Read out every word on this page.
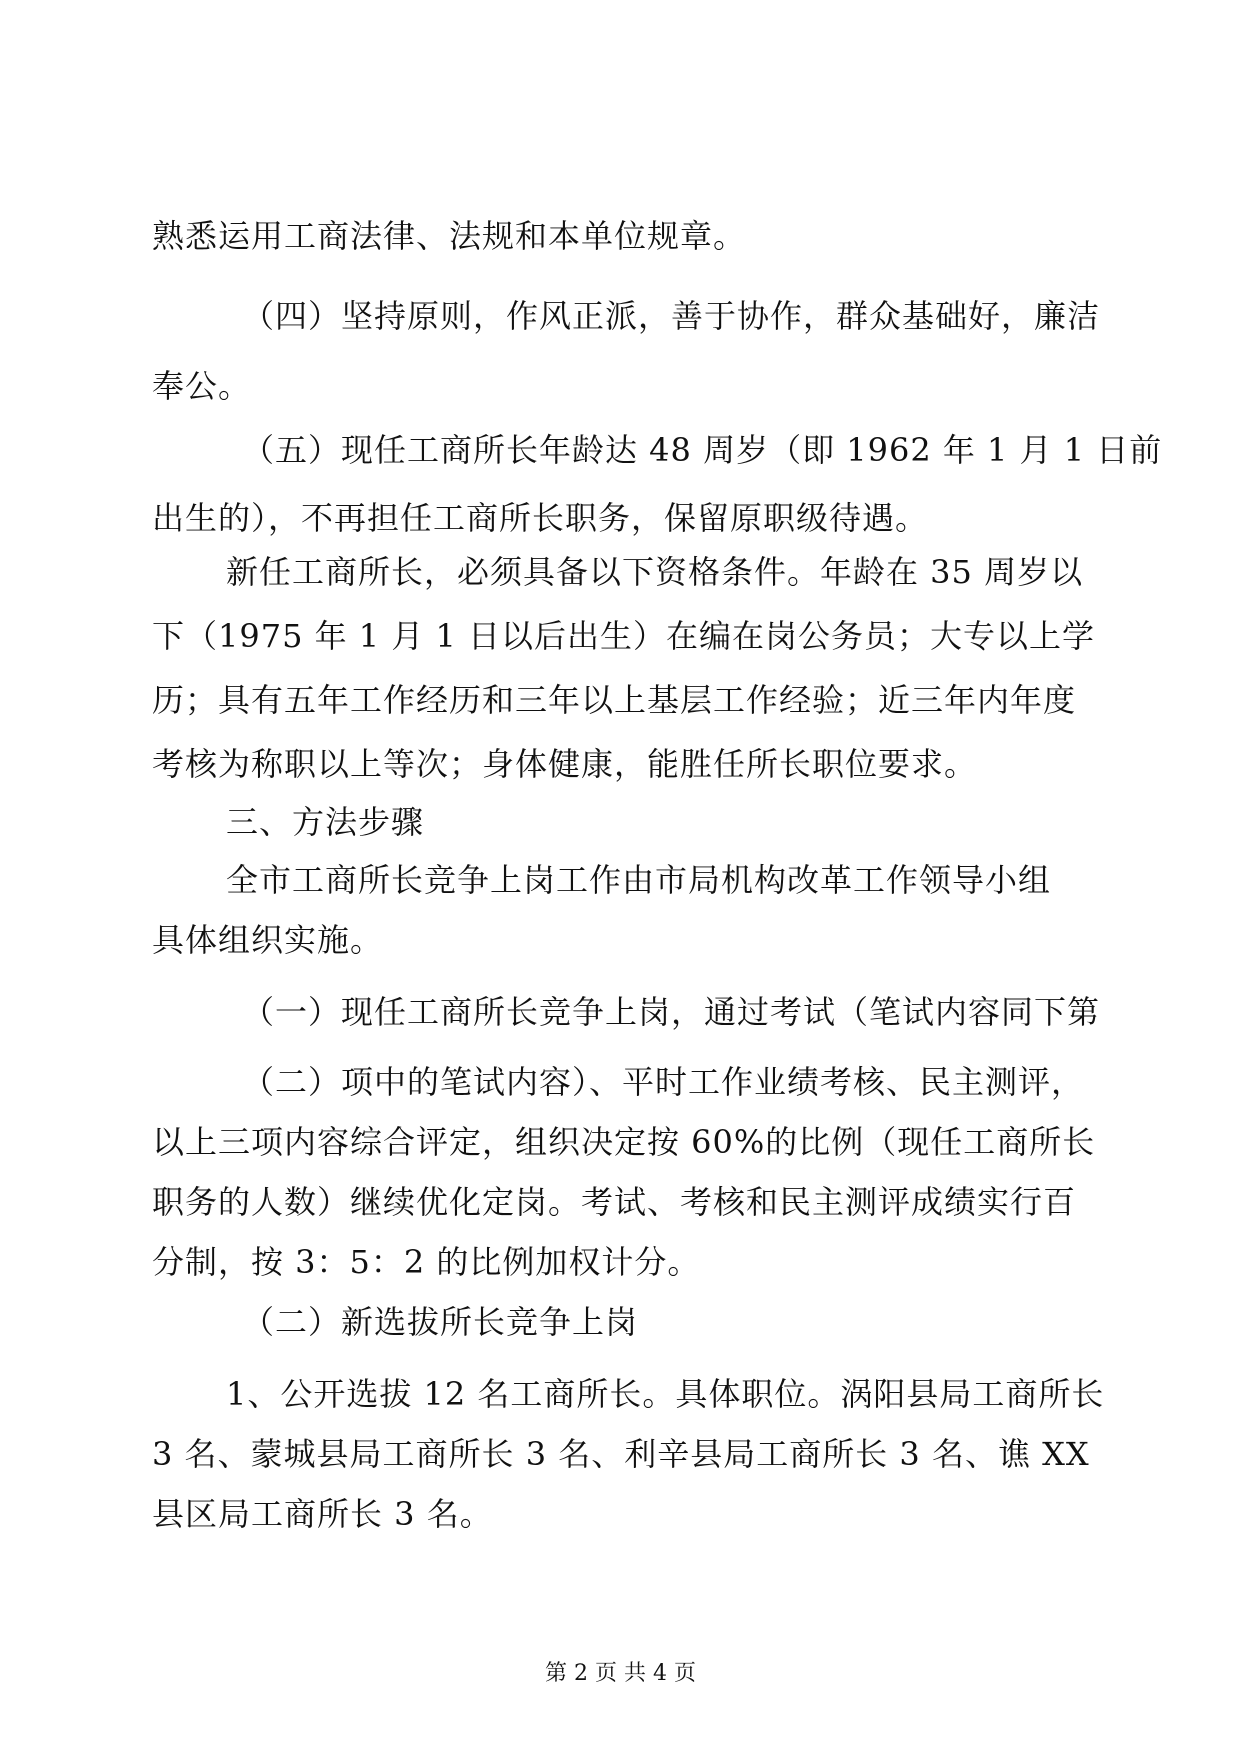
熟悉运用工商法律、法规和本单位规章。
（四）坚持原则，作风正派，善于协作，群众基础好，廉洁
奉公。
（五）现任工商所长年龄达 48 周岁（即 1962 年 1 月 1 日前
出生的），不再担任工商所长职务，保留原职级待遇。
新任工商所长，必须具备以下资格条件。年龄在 35 周岁以
下（1975 年 1 月 1 日以后出生）在编在岗公务员；大专以上学
历；具有五年工作经历和三年以上基层工作经验；近三年内年度
考核为称职以上等次；身体健康，能胜任所长职位要求。
三、方法步骤
全市工商所长竞争上岗工作由市局机构改革工作领导小组
具体组织实施。
（一）现任工商所长竞争上岗，通过考试（笔试内容同下第
（二）项中的笔试内容）、平时工作业绩考核、民主测评，
以上三项内容综合评定，组织决定按 60%的比例（现任工商所长
职务的人数）继续优化定岗。考试、考核和民主测评成绩实行百
分制，按 3：5：2 的比例加权计分。
（二）新选拔所长竞争上岗
1、公开选拔 12 名工商所长。具体职位。涡阳县局工商所长
3 名、蒙城县局工商所长 3 名、利辛县局工商所长 3 名、谯 XX
县区局工商所长 3 名。
第 2 页 共 4 页
